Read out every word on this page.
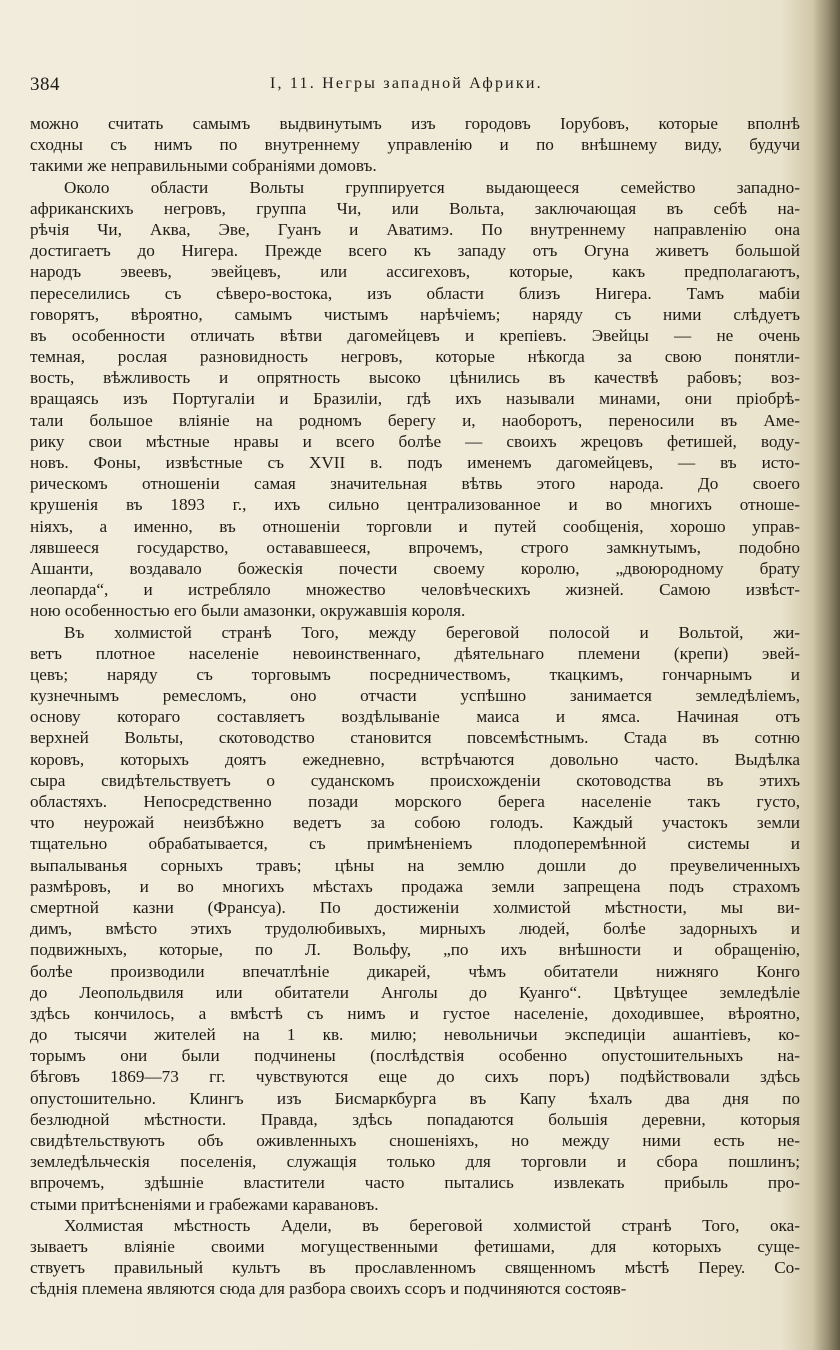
384	I, 11. Негры западной Африки.
можно считать самымъ выдвинутымъ изъ городовъ Іорубовъ, которые вполнѣ
сходны съ нимъ по внутреннему управленію и по внѣшнему виду, будучи
такими же неправильными собраніями домовъ.
Около области Вольты группируется выдающееся семейство западно-
африканскихъ негровъ, группа Чи, или Вольта, заключающая въ себѣ на-
рѣчія Чи, Аква, Эве, Гуанъ и Аватимэ. По внутреннему направленію она
достигаетъ до Нигера. Прежде всего къ западу отъ Огуна живетъ большой
народъ эвеевъ, эвейцевъ, или ассигеховъ, которые, какъ предполагаютъ,
переселились съ сѣверо-востока, изъ области близъ Нигера. Тамъ мабіи
говорятъ, вѣроятно, самымъ чистымъ нарѣчіемъ; наряду съ ними слѣдуетъ
въ особенности отличать вѣтви дагомейцевъ и крепіевъ. Эвейцы — не очень
темная, рослая разновидность негровъ, которые нѣкогда за свою понятли-
вость, вѣжливость и опрятность высоко цѣнились въ качествѣ рабовъ; воз-
вращаясь изъ Португаліи и Бразиліи, гдѣ ихъ называли минами, они пріобрѣ-
тали большое вліяніе на родномъ берегу и, наоборотъ, переносили въ Аме-
рику свои мѣстные нравы и всего болѣе — своихъ жрецовъ фетишей, воду-
новъ. Фоны, извѣстные съ XVII в. подъ именемъ дагомейцевъ, — въ исто-
рическомъ отношеніи самая значительная вѣтвь этого народа. До своего
крушенія въ 1893 г., ихъ сильно централизованное и во многихъ отноше-
ніяхъ, а именно, въ отношеніи торговли и путей сообщенія, хорошо управ-
лявшееся государство, остававшееся, впрочемъ, строго замкнутымъ, подобно
Ашанти, воздавало божескія почести своему королю, „двоюродному брату
леопарда“, и истребляло множество человѣческихъ жизней. Самою извѣст-
ною особенностью его были амазонки, окружавшія короля.
Въ холмистой странѣ Того, между береговой полосой и Вольтой, жи-
ветъ плотное населеніе невоинственнаго, дѣятельнаго племени (крепи) эвей-
цевъ; наряду съ торговымъ посредничествомъ, ткацкимъ, гончарнымъ и
кузнечнымъ ремесломъ, оно отчасти успѣшно занимается земледѣліемъ,
основу котораго составляетъ воздѣлываніе маиса и ямса. Начиная отъ
верхней Вольты, скотоводство становится повсемѣстнымъ. Стада въ сотню
коровъ, которыхъ доятъ ежедневно, встрѣчаются довольно часто. Выдѣлка
сыра свидѣтельствуетъ о суданскомъ происхожденіи скотоводства въ этихъ
областяхъ. Непосредственно позади морского берега населеніе такъ густо,
что неурожай неизбѣжно ведетъ за собою голодъ. Каждый участокъ земли
тщательно обрабатывается, съ примѣненіемъ плодоперемѣнной системы и
выпалыванья сорныхъ травъ; цѣны на землю дошли до преувеличенныхъ
размѣровъ, и во многихъ мѣстахъ продажа земли запрещена подъ страхомъ
смертной казни (Франсуа). По достиженіи холмистой мѣстности, мы ви-
димъ, вмѣсто этихъ трудолюбивыхъ, мирныхъ людей, болѣе задорныхъ и
подвижныхъ, которые, по Л. Вольфу, „по ихъ внѣшности и обращенію,
болѣе производили впечатлѣніе дикарей, чѣмъ обитатели нижняго Конго
до Леопольдвиля или обитатели Анголы до Куанго“. Цвѣтущее земледѣліе
здѣсь кончилось, а вмѣстѣ съ нимъ и густое населеніе, доходившее, вѣроятно,
до тысячи жителей на 1 кв. милю; невольничьи экспедиціи ашантіевъ, ко-
торымъ они были подчинены (послѣдствія особенно опустошительныхъ на-
бѣговъ 1869—73 гг. чувствуются еще до сихъ поръ) подѣйствовали здѣсь
опустошительно. Клингъ изъ Бисмаркбурга въ Капу ѣхалъ два дня по
безлюдной мѣстности. Правда, здѣсь попадаются большія деревни, которыя
свидѣтельствуютъ объ оживленныхъ сношеніяхъ, но между ними есть не-
земледѣльческія поселенія, служащія только для торговли и сбора пошлинъ;
впрочемъ, здѣшніе властители часто пытались извлекать прибыль про-
стыми притѣсненіями и грабежами каравановъ.
Холмистая мѣстность Адели, въ береговой холмистой странѣ Того, ока-
зываетъ вліяніе своими могущественными фетишами, для которыхъ суще-
ствуетъ правильный культъ въ прославленномъ священномъ мѣстѣ Переу. Со-
сѣднія племена являются сюда для разбора своихъ ссоръ и подчиняются состояв-
